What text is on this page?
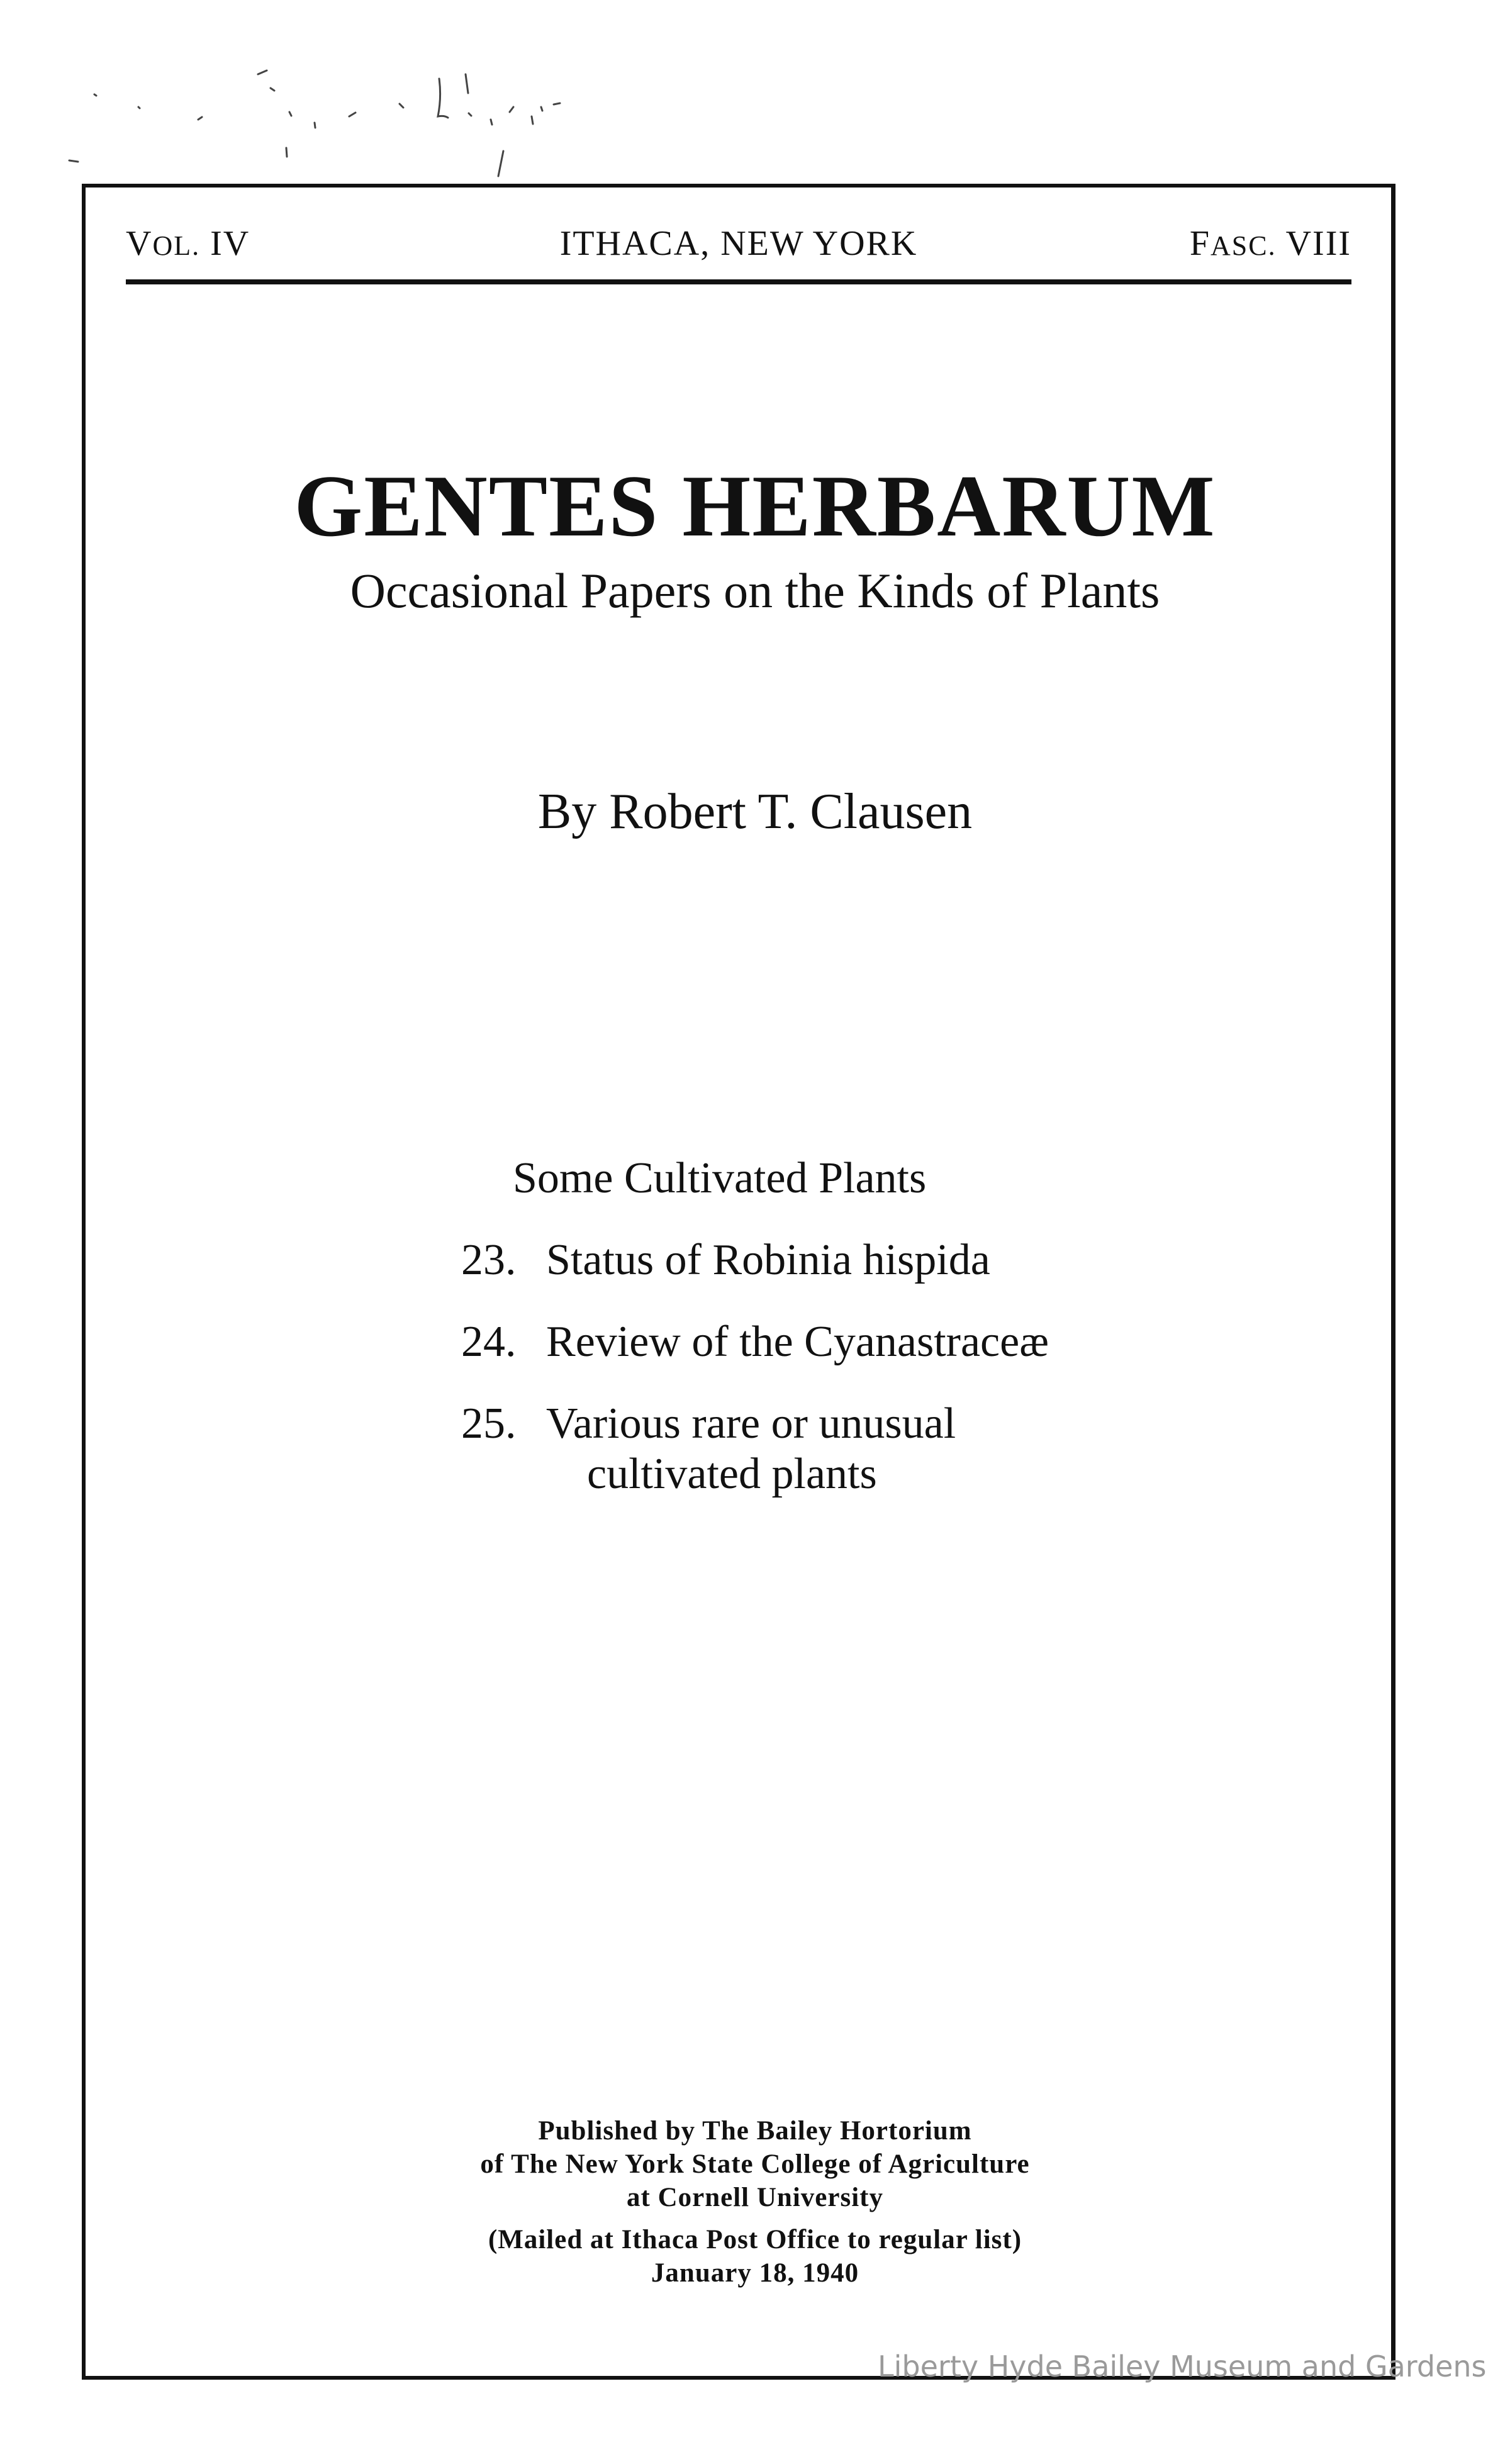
VOL. IV	ITHACA, NEW YORK	FASC. VIII
GENTES HERBARUM
Occasional Papers on the Kinds of Plants
By Robert T. Clausen
Some Cultivated Plants
23. Status of Robinia hispida
24. Review of the Cyanastraceæ
25. Various rare or unusual
cultivated plants
Published by The Bailey Hortorium
of The New York State College of Agriculture
at Cornell University
(Mailed at Ithaca Post Office to regular list)
January 18, 1940
Liberty Hyde Bailey Museum and Gardens
